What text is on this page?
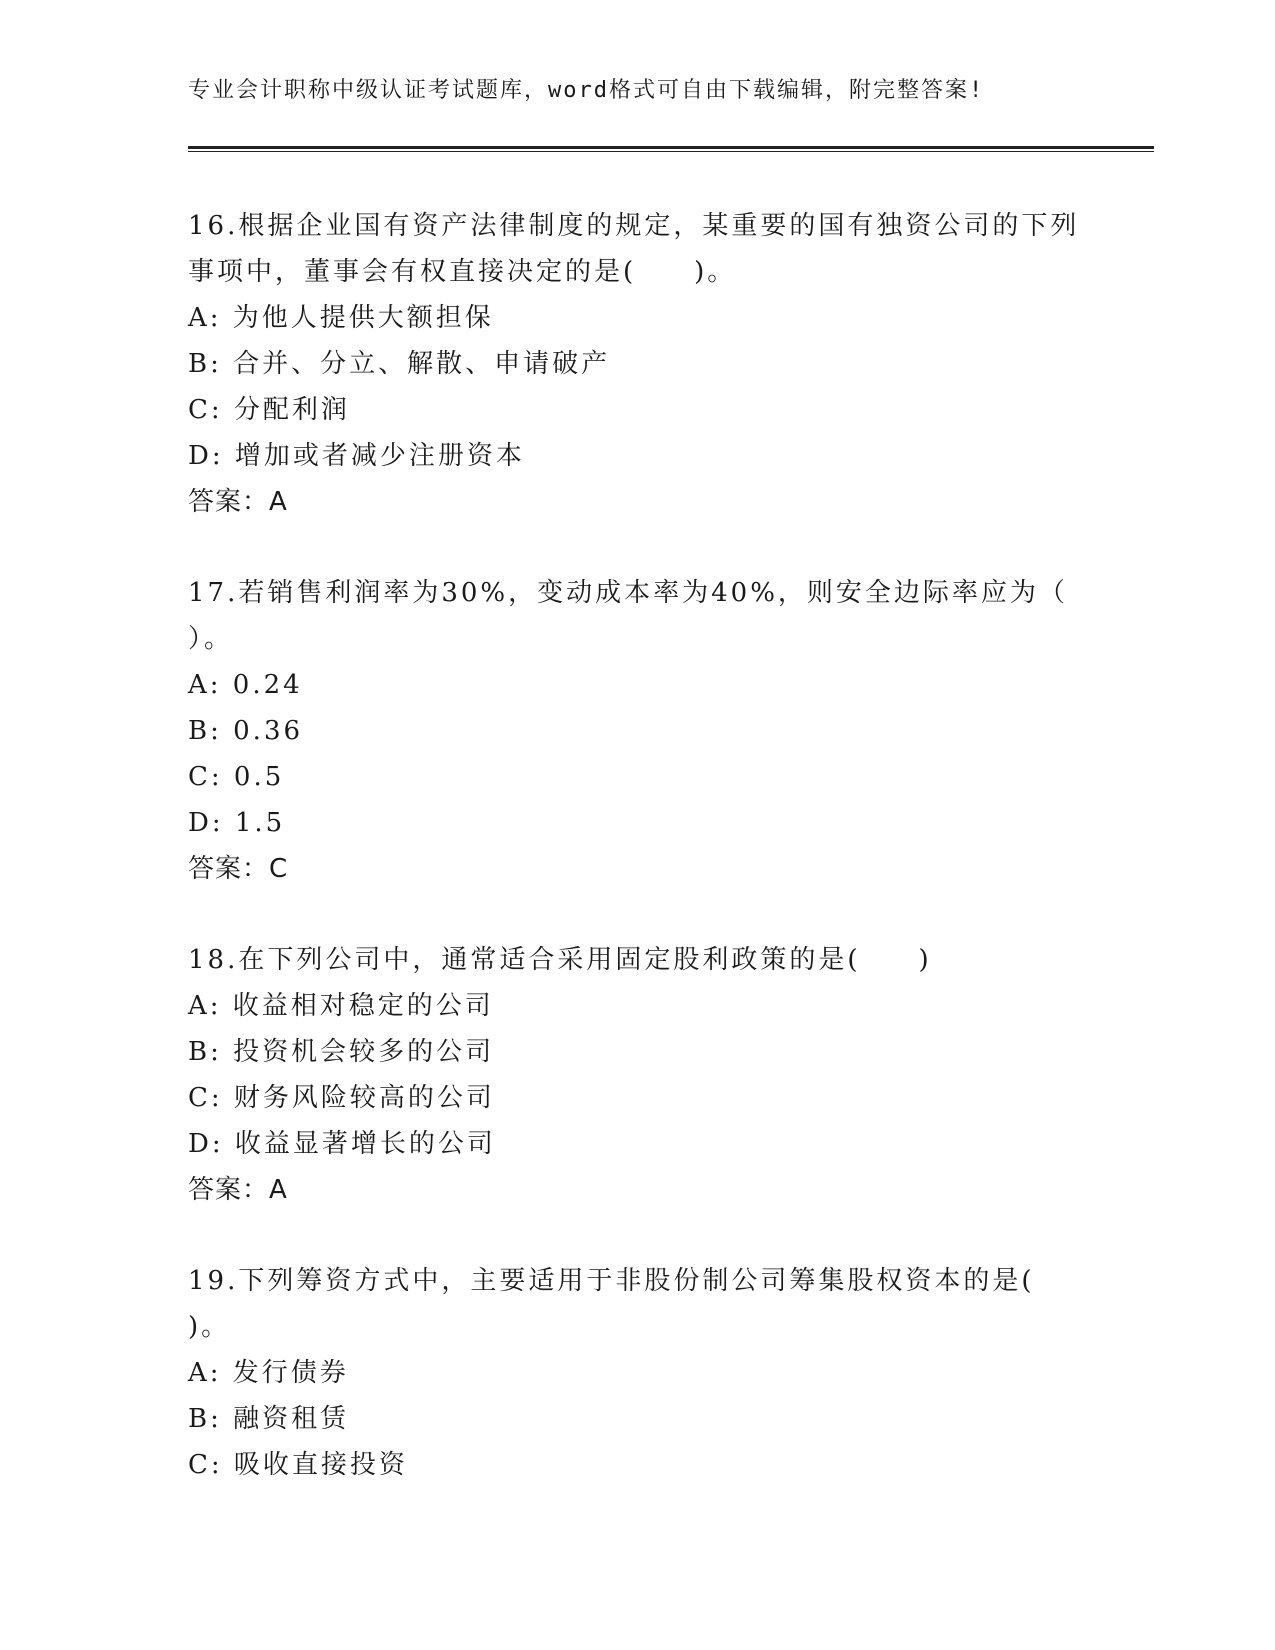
专业会计职称中级认证考试题库，word格式可自由下载编辑，附完整答案!

16.根据企业国有资产法律制度的规定，某重要的国有独资公司的下列

事项中，董事会有权直接决定的是(　　)。

A: 为他人提供大额担保

B: 合并、分立、解散、申请破产

C: 分配利润

D: 增加或者减少注册资本

答案：A

17.若销售利润率为30%，变动成本率为40%，则安全边际率应为（

）。

A: 0.24

B: 0.36

C: 0.5

D: 1.5

答案：C

18.在下列公司中，通常适合采用固定股利政策的是(　　)

A: 收益相对稳定的公司

B: 投资机会较多的公司

C: 财务风险较高的公司

D: 收益显著增长的公司

答案：A

19.下列筹资方式中，主要适用于非股份制公司筹集股权资本的是(

)。

A: 发行债券

B: 融资租赁

C: 吸收直接投资
